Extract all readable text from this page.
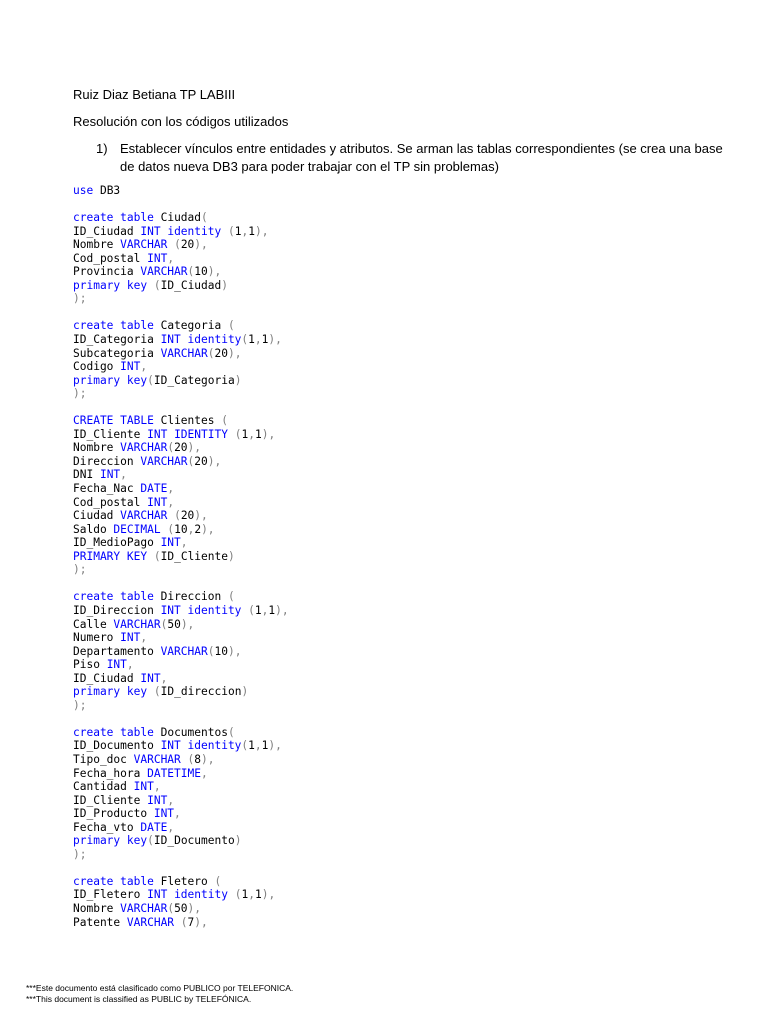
Ruiz Diaz Betiana TP LABIII
Resolución con los códigos utilizados
1) Establecer vínculos entre entidades y atributos. Se arman las tablas correspondientes (se crea una base de datos nueva DB3 para poder trabajar con el TP sin problemas)
use DB3

create table Ciudad(
ID_Ciudad INT identity (1,1),
Nombre VARCHAR (20),
Cod_postal INT,
Provincia VARCHAR(10),
primary key (ID_Ciudad)
);

create table Categoria (
ID_Categoria INT identity(1,1),
Subcategoria VARCHAR(20),
Codigo INT,
primary key(ID_Categoria)
);

CREATE TABLE Clientes (
ID_Cliente INT IDENTITY (1,1),
Nombre VARCHAR(20),
Direccion VARCHAR(20),
DNI INT,
Fecha_Nac DATE,
Cod_postal INT,
Ciudad VARCHAR (20),
Saldo DECIMAL (10,2),
ID_MedioPago INT,
PRIMARY KEY (ID_Cliente)
);

create table Direccion (
ID_Direccion INT identity (1,1),
Calle VARCHAR(50),
Numero INT,
Departamento VARCHAR(10),
Piso INT,
ID_Ciudad INT,
primary key (ID_direccion)
);

create table Documentos(
ID_Documento INT identity(1,1),
Tipo_doc VARCHAR (8),
Fecha_hora DATETIME,
Cantidad INT,
ID_Cliente INT,
ID_Producto INT,
Fecha_vto DATE,
primary key(ID_Documento)
);

create table Fletero (
ID_Fletero INT identity (1,1),
Nombre VARCHAR(50),
Patente VARCHAR (7),
***Este documento está clasificado como PUBLICO por TELEFONICA.
***This document is classified as PUBLIC by TELEFÓNICA.
